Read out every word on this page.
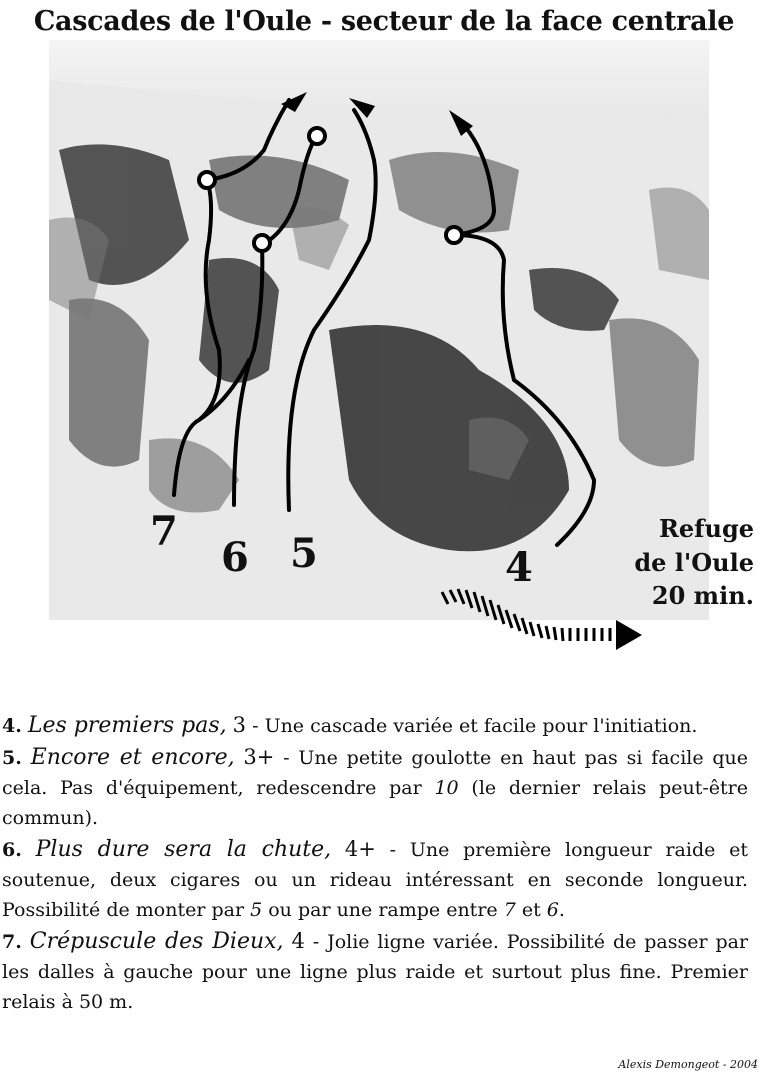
Cascades de l'Oule - secteur de la face centrale
7
6 5	4
Refuge
de l'Oule
20 min.

4. Les premiers pas, 3 - Une cascade variée et facile pour l'initiation.

5. Encore et encore, 3+ - Une petite goulotte en haut pas si facile que cela. Pas d'équipement, redescendre par 10 (le dernier relais peut-être commun).

6. Plus dure sera la chute, 4+ - Une première longueur raide et soutenue, deux cigares ou un rideau intéressant en seconde longueur. Possibilité de monter par 5 ou par une rampe entre 7 et 6.

7. Crépuscule des Dieux, 4 - Jolie ligne variée. Possibilité de passer par les dalles à gauche pour une ligne plus raide et surtout plus fine. Premier relais à 50 m.

Alexis Demongeot - 2004
